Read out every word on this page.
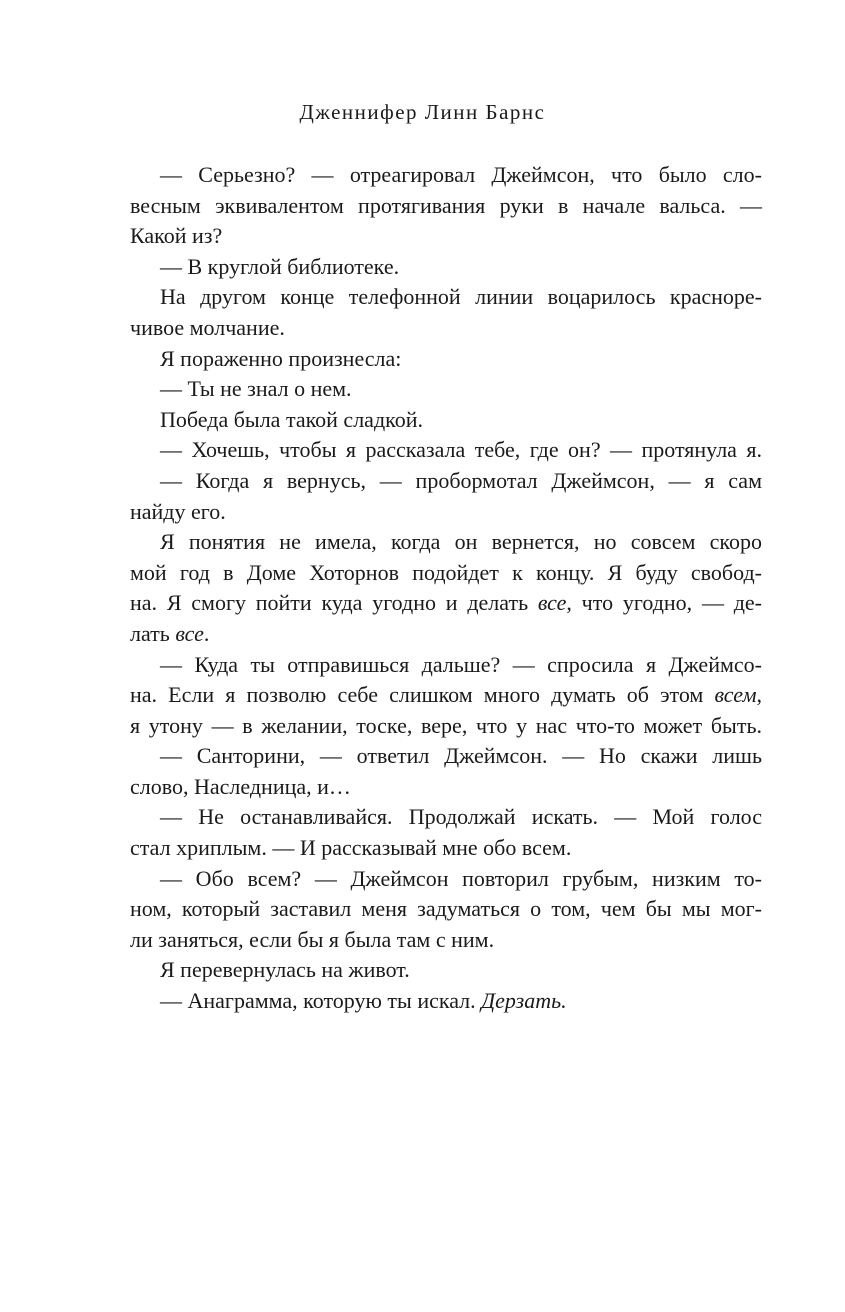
Дженнифер Линн Барнс
— Серьезно? — отреагировал Джеймсон, что было сло-
весным эквивалентом протягивания руки в начале вальса. —
Какой из?
— В круглой библиотеке.
На другом конце телефонной линии воцарилось красноре-
чивое молчание.
Я пораженно произнесла:
— Ты не знал о нем.
Победа была такой сладкой.
— Хочешь, чтобы я рассказала тебе, где он? — протянула я.
— Когда я вернусь, — пробормотал Джеймсон, — я сам
найду его.
Я понятия не имела, когда он вернется, но совсем скоро
мой год в Доме Хоторнов подойдет к концу. Я буду свобод-
на. Я смогу пойти куда угодно и делать все, что угодно, — де-
лать все.
— Куда ты отправишься дальше? — спросила я Джеймсо-
на. Если я позволю себе слишком много думать об этом всем,
я утону — в желании, тоске, вере, что у нас что-то может быть.
— Санторини, — ответил Джеймсон. — Но скажи лишь
слово, Наследница, и…
— Не останавливайся. Продолжай искать. — Мой голос
стал хриплым. — И рассказывай мне обо всем.
— Обо всем? — Джеймсон повторил грубым, низким то-
ном, который заставил меня задуматься о том, чем бы мы мог-
ли заняться, если бы я была там с ним.
Я перевернулась на живот.
— Анаграмма, которую ты искал. Дерзать.
